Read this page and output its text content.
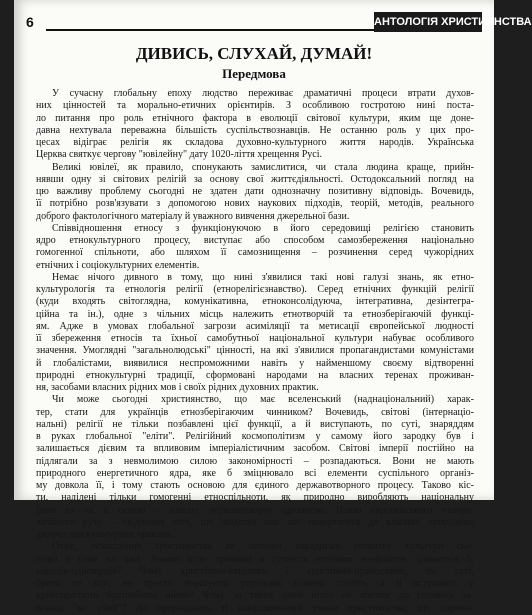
6	АНТОЛОГІЯ ХРИСТИЯНСТВА
ДИВИСЬ, СЛУХАЙ, ДУМАЙ!
Передмова
У сучасну глобальну епоху людство переживає драматичні процеси втрати духов-
них цінностей та морально-етичних орієнтирів. З особливою гостротою нині поста-
ло питання про роль етнічного фактора в еволюції світової культури, яким ще донe-
давна нехтувала переважна більшість суспільствознавців. Не останню роль у цих про-
цесах відіграє релігія як складова духовно-культурного життя народів. Українська
Церква святкує чергову "ювілейну" дату 1020-ліття хрещення Русі.
Великі ювілеї, як правило, спонукають замислитися, чи стала людина краще, прийн-
нявши одну зі світових релігій за основу свої життєдіяльності. Остодоксальний погляд на
цю важливу проблему сьогодні не здатен дати однозначну позитивну відповідь. Вочевидь,
її потрібно розв'язувати з допомогою нових наукових підходів, теорій, методів, реального
доброго фактологічного матеріалу й уважного вивчення джерельної бази.
Співвідношення етносу з функціонуючою в його середовищі релігією становить
ядро етнокультурного процесу, виступає або способом самозбереження національно
гомогенної спільноти, або шляхом її самознищення – розчинення серед чужорідних
етнічних і соціокультурних елементів.
Немає нічого дивного в тому, що нині з'явилися такі нові галузі знань, як етно-
культурологія та етнологія релігії (етнорелігієзнавство). Серед етнічних функцій релігії
(куди входять світоглядна, комунікативна, етноконсолідуюча, інтегративна, дезінтегра-
ційна та ін.), одне з чільних місць належить етнотворчій та етнозберігаючій функці-
ям. Адже в умовах глобальної загрози асиміляції та метисації європейської людності
її збереження етносів та їхньої самобутньої національної культури набуває особливого
значення. Умоглядні "загальнолюдські" цінності, на які з'явилися пропагандистами комуністами
й глобалістами, виявилися неспроможними навіть у найменшому своєму відтворенні
природні етнокультурні традиції, сформовані народами на власних теренах проживан-
ня, засобами власних рідних мов і своїх рідних духовних практик.
Чи може сьогодні християнство, що має вселенський (наднаціональний) харак-
тер, стати для українців етнозберігаючим чинником? Вочевидь, світові (інтернаціо-
нальні) релігії не тільки позбавлені цієї функції, а й виступають, по суті, знаряддям
в руках глобальної "еліти". Релігійний космополітизм у самому його зародку був і
залишається дієвим та впливовим імперіалістичним засобом. Світові імперії постійно на
підлягали за з невмолимою силою закономірності – розпадаються. Вони не мають
природного енергетичного ядра, яке б зміцнювало всі елементи суспільного організ-
му довкола її, і тому стають основою для єдиного державотворного процесу. Таково кіс-
ти, наділені тільки гомогенні етноспільноти, як природно виробляють національну
ідею та на її основі – власну державотворчу ідеологію. Поява європейського етноре-
лігійного руху – свідчення того, що людство має час повертатися до власних природних
джерел дав культурних практик.
Отже, осмислення християнства як світової парадигми розвитку культури сьо-
годні є саме на часі. Якими були причини в сутність етнічних конфліктів, здавалося б,
народів-одновірців? Чому християни-католики і християни-православні, по суті,
брати по вірі, не просто вороґують упродовж кількох століть, а й вступають у
кровопролитні братовбивчі війни? Чому за таких умов ніхто не апелює до головної за-
поводі "не убий"? Де проглядають ті конфліктогенні умови християнства, що спричи-
